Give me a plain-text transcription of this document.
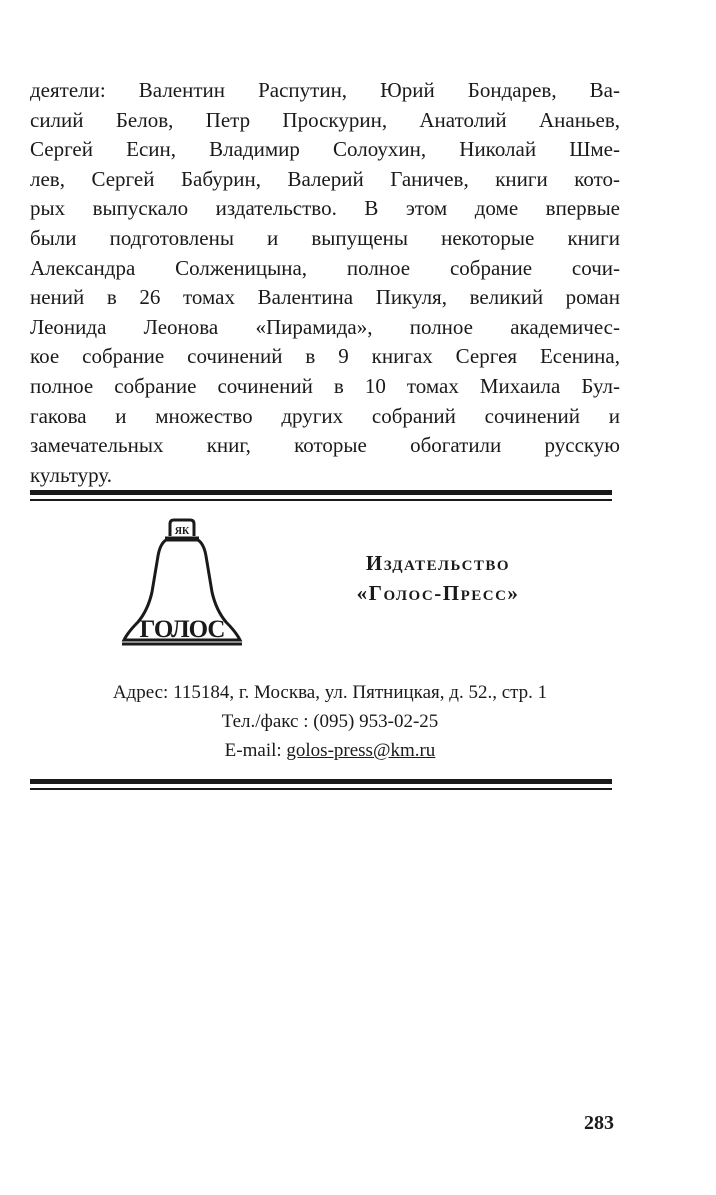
деятели: Валентин Распутин, Юрий Бондарев, Ва-
силий Белов, Петр Проскурин, Анатолий Ананьев,
Сергей Есин, Владимир Солоухин, Николай Шме-
лев, Сергей Бабурин, Валерий Ганичев, книги кото-
рых выпускало издательство. В этом доме впервые
были подготовлены и выпущены некоторые книги
Александра Солженицына, полное собрание сочи-
нений в 26 томах Валентина Пикуля, великий роман
Леонида Леонова «Пирамида», полное академичес-
кое собрание сочинений в 9 книгах Сергея Есенина,
полное собрание сочинений в 10 томах Михаила Бул-
гакова и множество других собраний сочинений и
замечательных книг, которые обогатили русскую
культуру.
ЯК
ГОЛОС
Издательство
«Голос-Пресс»
Адрес: 115184, г. Москва, ул. Пятницкая, д. 52., стр. 1
Тел./факс : (095) 953-02-25
E-mail: golos-press@km.ru
283
